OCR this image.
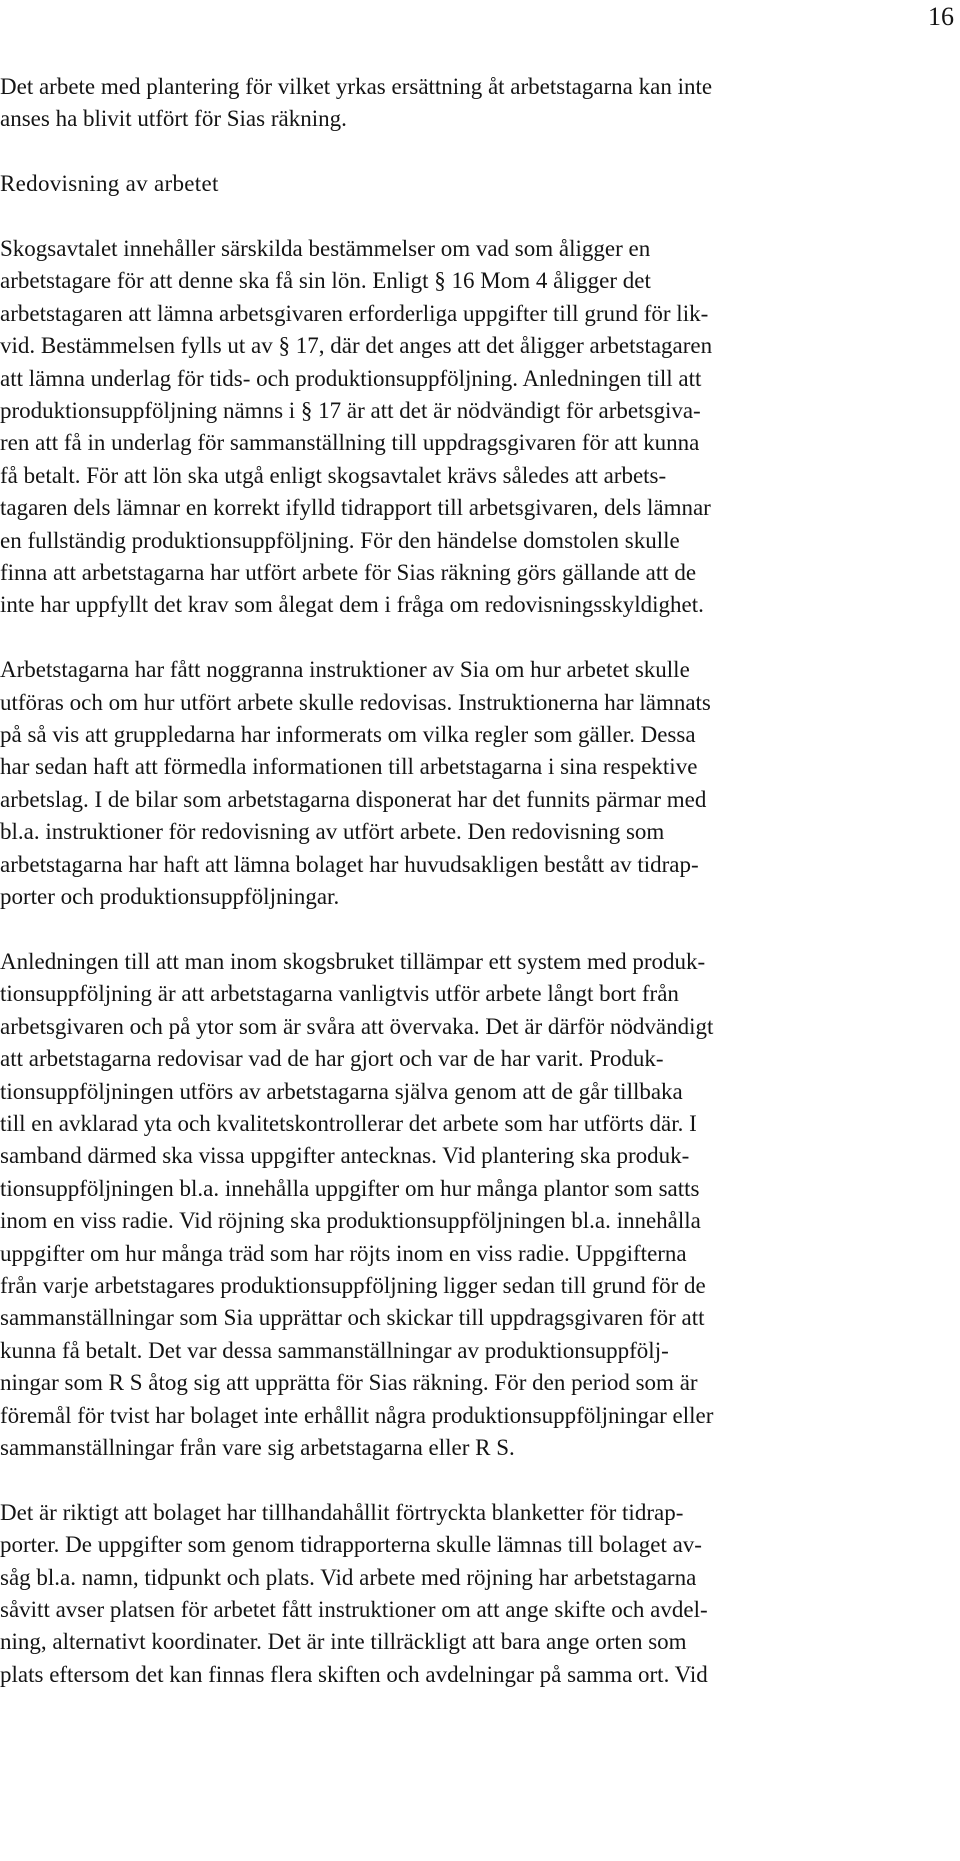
16

Det arbete med plantering för vilket yrkas ersättning åt arbetstagarna kan inte
anses ha blivit utfört för Sias räkning.

Redovisning av arbetet

Skogsavtalet innehåller särskilda bestämmelser om vad som åligger en
arbetstagare för att denne ska få sin lön. Enligt § 16 Mom 4 åligger det
arbetstagaren att lämna arbetsgivaren erforderliga uppgifter till grund för lik-
vid. Bestämmelsen fylls ut av § 17, där det anges att det åligger arbetstagaren
att lämna underlag för tids- och produktionsuppföljning. Anledningen till att
produktionsuppföljning nämns i § 17 är att det är nödvändigt för arbetsgiva-
ren att få in underlag för sammanställning till uppdragsgivaren för att kunna
få betalt. För att lön ska utgå enligt skogsavtalet krävs således att arbets-
tagaren dels lämnar en korrekt ifylld tidrapport till arbetsgivaren, dels lämnar
en fullständig produktionsuppföljning. För den händelse domstolen skulle
finna att arbetstagarna har utfört arbete för Sias räkning görs gällande att de
inte har uppfyllt det krav som ålegat dem i fråga om redovisningsskyldighet.

Arbetstagarna har fått noggranna instruktioner av Sia om hur arbetet skulle
utföras och om hur utfört arbete skulle redovisas. Instruktionerna har lämnats
på så vis att gruppledarna har informerats om vilka regler som gäller. Dessa
har sedan haft att förmedla informationen till arbetstagarna i sina respektive
arbetslag. I de bilar som arbetstagarna disponerat har det funnits pärmar med
bl.a. instruktioner för redovisning av utfört arbete. Den redovisning som
arbetstagarna har haft att lämna bolaget har huvudsakligen bestått av tidrap-
porter och produktionsuppföljningar.

Anledningen till att man inom skogsbruket tillämpar ett system med produk-
tionsuppföljning är att arbetstagarna vanligtvis utför arbete långt bort från
arbetsgivaren och på ytor som är svåra att övervaka. Det är därför nödvändigt
att arbetstagarna redovisar vad de har gjort och var de har varit. Produk-
tionsuppföljningen utförs av arbetstagarna själva genom att de går tillbaka
till en avklarad yta och kvalitetskontrollerar det arbete som har utförts där. I
samband därmed ska vissa uppgifter antecknas. Vid plantering ska produk-
tionsuppföljningen bl.a. innehålla uppgifter om hur många plantor som satts
inom en viss radie. Vid röjning ska produktionsuppföljningen bl.a. innehålla
uppgifter om hur många träd som har röjts inom en viss radie. Uppgifterna
från varje arbetstagares produktionsuppföljning ligger sedan till grund för de
sammanställningar som Sia upprättar och skickar till uppdragsgivaren för att
kunna få betalt. Det var dessa sammanställningar av produktionsuppfölj-
ningar som R S åtog sig att upprätta för Sias räkning. För den period som är
föremål för tvist har bolaget inte erhållit några produktionsuppföljningar eller
sammanställningar från vare sig arbetstagarna eller R S.

Det är riktigt att bolaget har tillhandahållit förtryckta blanketter för tidrap-
porter. De uppgifter som genom tidrapporterna skulle lämnas till bolaget av-
såg bl.a. namn, tidpunkt och plats. Vid arbete med röjning har arbetstagarna
såvitt avser platsen för arbetet fått instruktioner om att ange skifte och avdel-
ning, alternativt koordinater. Det är inte tillräckligt att bara ange orten som
plats eftersom det kan finnas flera skiften och avdelningar på samma ort. Vid
